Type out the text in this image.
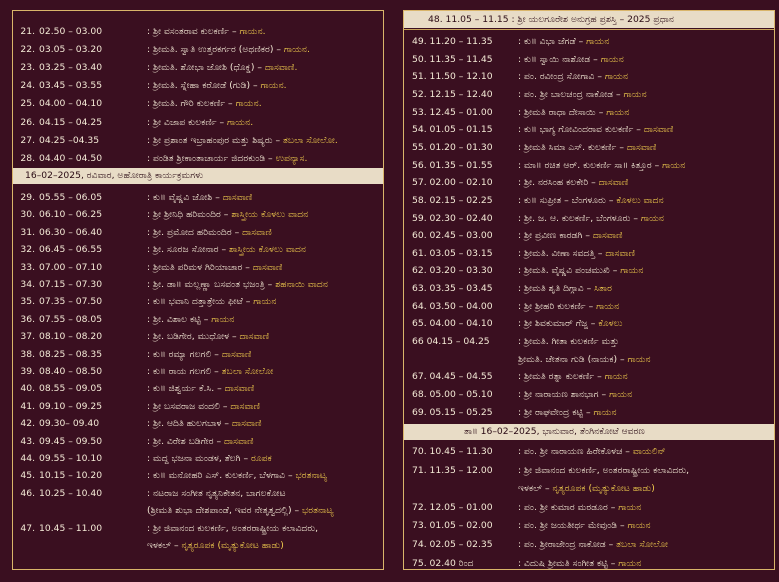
21. 02.50 – 03.00	: ಶ್ರೀ ವಸಂತರಾವ ಕುಲಕರ್ಣಿ – ಗಾಯನ.
22. 03.05 – 03.20	: ಶ್ರೀಮತಿ. ಸ್ವಾತಿ ಉತ್ತರಕರ್ಗರ (ಅಥಣಿಕರ) – ಗಾಯನ.
23. 03.25 – 03.40	: ಶ್ರೀಮತಿ. ಶೋಭಾ ಜೋಶಿ (ಧೊಕ್ಡ) – ದಾಸವಾಣಿ.
24. 03.45 – 03.55	: ಶ್ರೀಮತಿ. ಸ್ನೇಹಾ ಕರೋಡೆ (ಗುಡಿ) – ಗಾಯನ.
25. 04.00 – 04.10	: ಶ್ರೀಮತಿ. ಗೌರಿ ಕುಲಕರ್ಣಿ – ಗಾಯನ.
26. 04.15 – 04.25	: ಶ್ರೀ ವಿಜಾಪ ಕುಲಕರ್ಣಿ – ಗಾಯನ.
27. 04.25 –04.35	: ಶ್ರೀ ಪ್ರಶಾಂತ ಇಬ್ರಾಹಂಪುರ ಮತ್ತು ಶಿಷ್ಯರು – ತಬಲಾ ಸೋಲೋ.
28. 04.40 – 04.50	: ಪಂಡಿತ ಶ್ರೀಕಾಂತಾಚಾರ್ಯ ಜಿದರಕುಂಡಿ – ಉಪನ್ಯಾಸ.
16–02–2025, ರವಿವಾರ, ಅಹೋರಾತ್ರಿ ಕಾರ್ಯಕ್ರಮಗಳು
29. 05.55 – 06.05	: ಕು॥ ವೈಷ್ಣವಿ ಜೋಶಿ – ದಾಸವಾಣಿ
30. 06.10 – 06.25	: ಶ್ರೀ ಶ್ರೀನಿಧಿ ಹರಿಮಂದಿರ – ಶಾಸ್ತ್ರೀಯ ಕೊಳಲು ವಾದನ
31. 06.30 – 06.40	: ಶ್ರೀ. ಪ್ರಮೋದ ಹರಿಮಂದಿರ – ದಾಸವಾಣಿ
32. 06.45 – 06.55	: ಶ್ರೀ. ಸೂರಜ ಸೋನಾರ – ಶಾಸ್ತ್ರೀಯ ಕೊಳಲು ವಾದನ
33. 07.00 – 07.10	: ಶ್ರೀಮತಿ ಪರಿಮಳ ಗಿರಿಯಾಚಾರ – ದಾಸವಾಣಿ
34. 07.15 – 07.30	: ಶ್ರೀ. ಡಾ॥ ಮಲ್ಲಣ್ಣಾ ಬಸವಂತ ಭಜಂತ್ರಿ – ಶಹನಾಯಿ ವಾದನ
35. 07.35 – 07.50	: ಕು॥ ಭವಾನಿ ದತ್ತಾತ್ರೇಯ ಫೀಟೆ – ಗಾಯನ
36. 07.55 – 08.05	: ಶ್ರೀ. ವಿಶಾಲ ಕಟ್ಟಿ – ಗಾಯನ
37. 08.10 – 08.20	: ಶ್ರೀ. ಬಡಿಗೇರ, ಮುಧೋಳ – ದಾಸವಾಣಿ
38. 08.25 – 08.35	: ಕು॥ ರಮ್ಯಾ ಗಲಗಲಿ – ದಾಸವಾಣಿ
39. 08.40 – 08.50	: ಕು॥ ರಾಯ ಗಲಗಲಿ – ತಬಲಾ ಸೋಲೋ
40. 08.55 – 09.05	: ಕು॥ ಜಿಶ್ವರ್ಯ ಕೆ.ಸಿ. – ದಾಸವಾಣಿ
41. 09.10 – 09.25	: ಶ್ರೀ ಬಸವರಾಜ ವಂದಲಿ – ದಾಸವಾಣಿ
42. 09.30– 09.40	: ಶ್ರೀ. ಆದಿತಿ ಹುಲಗಬಾಳ – ದಾಸವಾಣಿ
43. 09.45 – 09.50	: ಶ್ರೀ. ವಿರೇಶ ಬಡಿಗೇರ – ದಾಸವಾಣಿ
44. 09.55 – 10.10	: ಮದ್ದ ಭಜನಾ ಮಂಡಳ, ತೆಲಗಿ – ರೂಪಕ
45. 10.15 – 10.20	: ಕು॥ ಮನೋಹರಿ ಎಸ್. ಕುಲಕರ್ಣಿ, ಬೆಳಗಾವಿ – ಭರತನಾಟ್ಯ
46. 10.25 – 10.40	: ನಟರಾಜ ಸಂಗೀತ ನೃತ್ಯನಿಕೇತನ, ಬಾಗಲಕೋಟ
(ಶ್ರೀಮತಿ ಶುಭಾ ದೇಶಪಾಂಡೆ, ಇವರ ನೇತೃತ್ವದಲ್ಲಿ) – ಭರತನಾಟ್ಯ
47. 10.45 – 11.00	: ಶ್ರೀ ಜಿವಾನಂದ ಕುಲಕರ್ಣಿ, ಅಂತರರಾಷ್ಟ್ರೀಯ ಕಲಾವಿದರು,
ಇಳಕಲ್ – ನೃತ್ಯರೂಪಕ (ಮೃತ್ಯುಕೋಟ ಹಾಡು)
48. 11.05 – 11.15 : ಶ್ರೀ ಯಲಗೂರೇಶ ಅನುಗ್ರಹ ಪ್ರಶಸ್ತಿ – 2025 ಪ್ರಧಾನ
49. 11.20 – 11.35	: ಕು॥ ವಿಭಾ ಜೆಗಡೆ – ಗಾಯನ
50. 11.35 – 11.45	: ಕು॥ ಸ್ವಾಯಿ ನಾಶೋಡ – ಗಾಯನ
51. 11.50 – 12.10	: ಪಂ. ರವೀಂದ್ರ ಸೋಗಾವಿ – ಗಾಯನ
52. 12.15 – 12.40	: ಪಂ. ಶ್ರೀ ಬಾಲಚಂದ್ರ ನಾಕೋಡ – ಗಾಯನ
53. 12.45 – 01.00	: ಶ್ರೀಮತಿ ರಾಧಾ ದೇಸಾಯಿ – ಗಾಯನ
54. 01.05 – 01.15	: ಕು॥ ಭಾಗ್ಯ ಗೋವಿಂದರಾವ ಕುಲಕರ್ಣಿ – ದಾಸವಾಣಿ
55. 01.20 – 01.30	: ಶ್ರೀಮತಿ ಸಿಮಾ ಎಸ್. ಕುಲಕರ್ಣಿ – ದಾಸವಾಣಿ
56. 01.35 – 01.55	: ಮಾ॥ ರಚಿತ ಆರ್. ಕುಲಕರ್ಣಿ ಸಾ॥ ಕಿತ್ತೂರ – ಗಾಯನ
57. 02.00 – 02.10	: ಶ್ರೀ. ನರಸಿಂಹ ಕಲಕೇರಿ – ದಾಸವಾಣಿ
58. 02.15 – 02.25	: ಕು॥ ಸುಪ್ರೀತ – ಬೆಂಗಳೂರು – ಕೊಳಲು ವಾದನ
59. 02.30 – 02.40	: ಶ್ರೀ. ಜ. ಆ. ಕುಲಕರ್ಣಿ, ಬೆಂಗಳೂರು – ಗಾಯನ
60. 02.45 – 03.00	: ಶ್ರೀ ಪ್ರವೀಣ ಕಾರಡಗಿ – ದಾಸವಾಣಿ
61. 03.05 – 03.15	: ಶ್ರೀಮತಿ. ವೀಣಾ ಸವದತ್ತಿ – ದಾಸವಾಣಿ
62. 03.20 – 03.30	: ಶ್ರೀಮತಿ. ವೈಷ್ಣವಿ ಪಂಚಮುಖಿ – ಗಾಯನ
63. 03.35 – 03.45	: ಶ್ರೀಮತಿ ಶೃತಿ ದಿಗ್ಗಾವಿ – ಸಿತಾರ
64. 03.50 – 04.00	: ಶ್ರೀ ಶ್ರೀಹರಿ ಕುಲಕರ್ಣಿ – ಗಾಯನ
65. 04.00 – 04.10	: ಶ್ರೀ ಶಿವಕುಮಾರ್ ಗೆಜ್ಜ – ಕೊಳಲು
66 04.15 – 04.25	: ಶ್ರೀಮತಿ. ಗೀತಾ ಕುಲಕರ್ಣಿ ಮತ್ತು
ಶ್ರೀಮತಿ. ಚೇತನಾ ಗುಡಿ (ನಾಯಕ) – ಗಾಯನ
67. 04.45 – 04.55	: ಶ್ರೀಮತಿ ರತ್ನಾ ಕುಲಕರ್ಣಿ – ಗಾಯನ
68. 05.00 – 05.10	: ಶ್ರೀ ನಾರಾಯಣ ಶಾನಭಾಗ – ಗಾಯನ
69. 05.15 – 05.25	: ಶ್ರೀ ರಾಘವೇಂದ್ರ ಕಟ್ಟಿ – ಗಾಯನ
ತಾ॥ 16–02–2025, ಭಾನುವಾರ, ತೆಂಗಿನಕೋಟೆ ಆವರಣ
70. 10.45 – 11.30	: ಪಂ. ಶ್ರೀ ನಾರಾಯಣ ಹಿರೇಕೊಳಚ – ವಾಯಲಿನ್
71. 11.35 – 12.00	: ಶ್ರೀ ಜಿವಾನಂದ ಕುಲಕರ್ಣಿ, ಅಂತರರಾಷ್ಟ್ರೀಯ ಕಲಾವಿದರು,
ಇಳಕಲ್ – ನೃತ್ಯರೂಪಕ (ಮೃತ್ಯುಕೋಟ ಹಾಡು)
72. 12.05 – 01.00	: ಪಂ. ಶ್ರೀ ಕುಮಾರ ಮರಡೂರ – ಗಾಯನ
73. 01.05 – 02.00	: ಪಂ. ಶ್ರೀ ಜಯತೀರ್ಥ ಮೇವುಂಡಿ – ಗಾಯನ
74. 02.05 – 02.35	: ಪಂ. ಶ್ರೀರಾಜೇಂದ್ರ ನಾಕೋಡ – ತಬಲಾ ಸೋಲೋ
75. 02.40 ರಿಂದ	: ವಿದುಷಿ ಶ್ರೀಮತಿ ಸಂಗೀತ ಕಟ್ಟಿ – ಗಾಯನ
